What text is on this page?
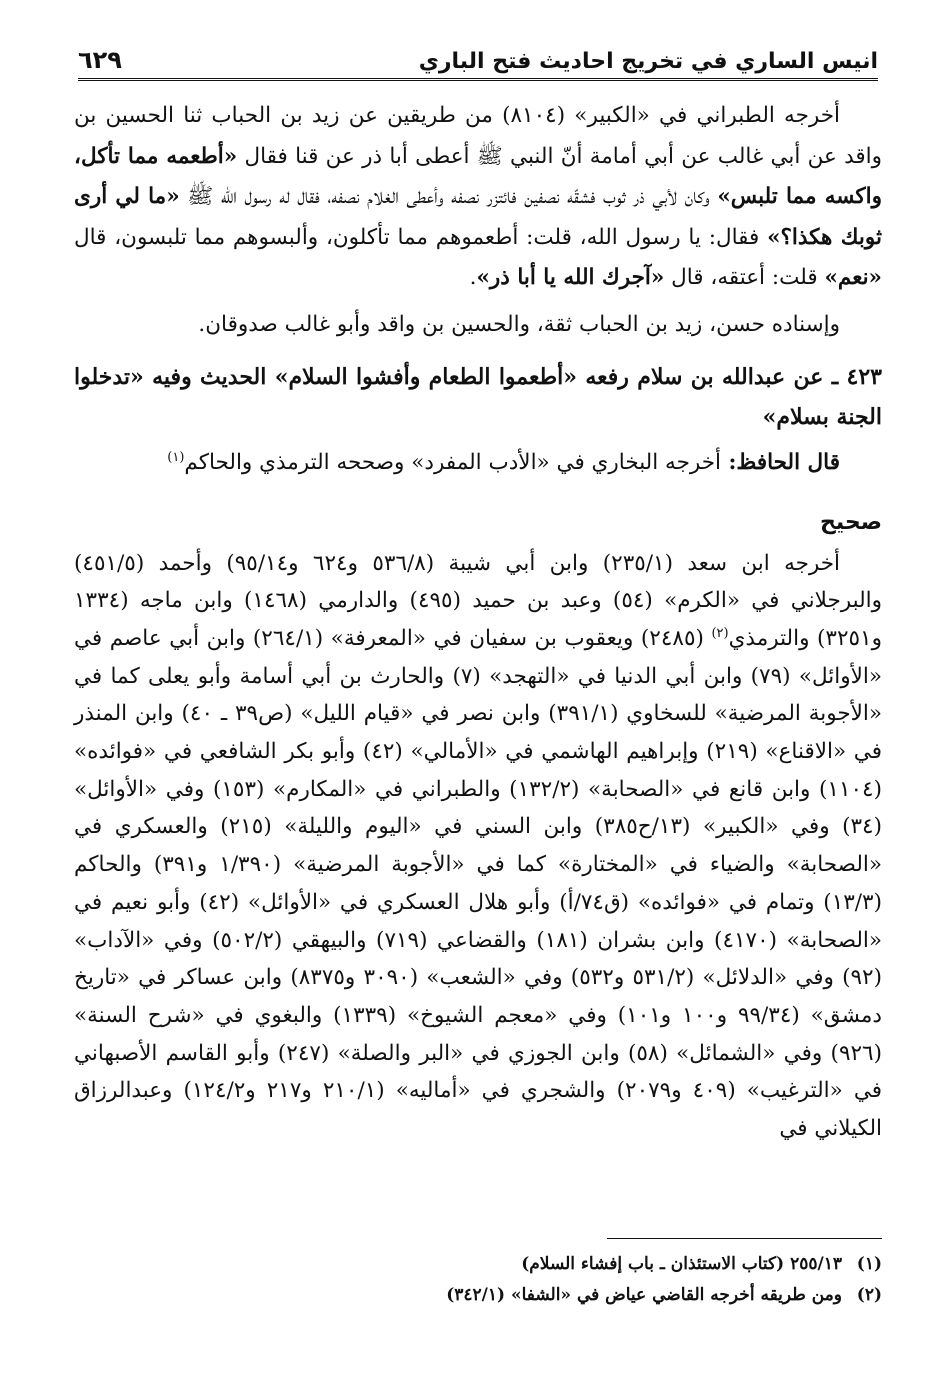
انيس الساري في تخريج احاديث فتح الباري
٦٢٩

أخرجه الطبراني في «الكبير» (٨١٠٤) من طريقين عن زيد بن الحباب ثنا الحسين بن واقد عن أبي غالب عن أبي أمامة أنّ النبي ﷺ أعطى أبا ذر عن قنا فقال «أطعمه مما تأكل، واكسه مما تلبس» وكان لأبي ذر ثوب فشقّه نصفين فائتزر نصفه وأعطى الغلام نصفه، فقال له رسول الله ﷺ «ما لي أرى ثوبك هكذا؟» فقال: يا رسول الله، قلت: أطعموهم مما تأكلون، وألبسوهم مما تلبسون، قال «نعم» قلت: أعتقه، قال «آجرك الله يا أبا ذر».

وإسناده حسن، زيد بن الحباب ثقة، والحسين بن واقد وأبو غالب صدوقان.

٤٢٣ ـ عن عبدالله بن سلام رفعه «أطعموا الطعام وأفشوا السلام» الحديث وفيه «تدخلوا الجنة بسلام»

قال الحافظ: أخرجه البخاري في «الأدب المفرد» وصححه الترمذي والحاكم$^{(١)}$

صحيح

أخرجه ابن سعد (٢٣٥/١) وابن أبي شيبة (٥٣٦/٨ و٦٢٤ و٩٥/١٤) وأحمد (٤٥١/٥) والبرجلاني في «الكرم» (٥٤) وعبد بن حميد (٤٩٥) والدارمي (١٤٦٨) وابن ماجه (١٣٣٤ و٣٢٥١) والترمذي$^{(٢)}$ (٢٤٨٥) ويعقوب بن سفيان في «المعرفة» (٢٦٤/١) وابن أبي عاصم في «الأوائل» (٧٩) وابن أبي الدنيا في «التهجد» (٧) والحارث بن أبي أسامة وأبو يعلى كما في «الأجوبة المرضية» للسخاوي (٣٩١/١) وابن نصر في «قيام الليل» (ص٣٩ ـ ٤٠) وابن المنذر في «الاقناع» (٢١٩) وإبراهيم الهاشمي في «الأمالي» (٤٢) وأبو بكر الشافعي في «فوائده» (١١٠٤) وابن قانع في «الصحابة» (١٣٢/٢) والطبراني في «المكارم» (١٥٣) وفي «الأوائل» (٣٤) وفي «الكبير» (١٣/ح٣٨٥) وابن السني في «اليوم والليلة» (٢١٥) والعسكري في «الصحابة» والضياء في «المختارة» كما في «الأجوبة المرضية» (١/٣٩٠ و٣٩١) والحاكم (١٣/٣) وتمام في «فوائده» (ق٧٤/أ) وأبو هلال العسكري في «الأوائل» (٤٢) وأبو نعيم في «الصحابة» (٤١٧٠) وابن بشران (١٨١) والقضاعي (٧١٩) والبيهقي (٥٠٢/٢) وفي «الآداب» (٩٢) وفي «الدلائل» (٥٣١/٢ و٥٣٢) وفي «الشعب» (٣٠٩٠ و٨٣٧٥) وابن عساكر في «تاريخ دمشق» (٩٩/٣٤ و١٠٠ و١٠١) وفي «معجم الشيوخ» (١٣٣٩) والبغوي في «شرح السنة» (٩٢٦) وفي «الشمائل» (٥٨) وابن الجوزي في «البر والصلة» (٢٤٧) وأبو القاسم الأصبهاني في «الترغيب» (٤٠٩ و٢٠٧٩) والشجري في «أماليه» (٢١٠/١ و٢١٧ و١٢٤/٢) وعبدالرزاق الكيلاني في

(١)
٢٥٥/١٣ (كتاب الاستئذان ـ باب إفشاء السلام)
(٢)
ومن طريقه أخرجه القاضي عياض في «الشفا» (٣٤٢/١)
